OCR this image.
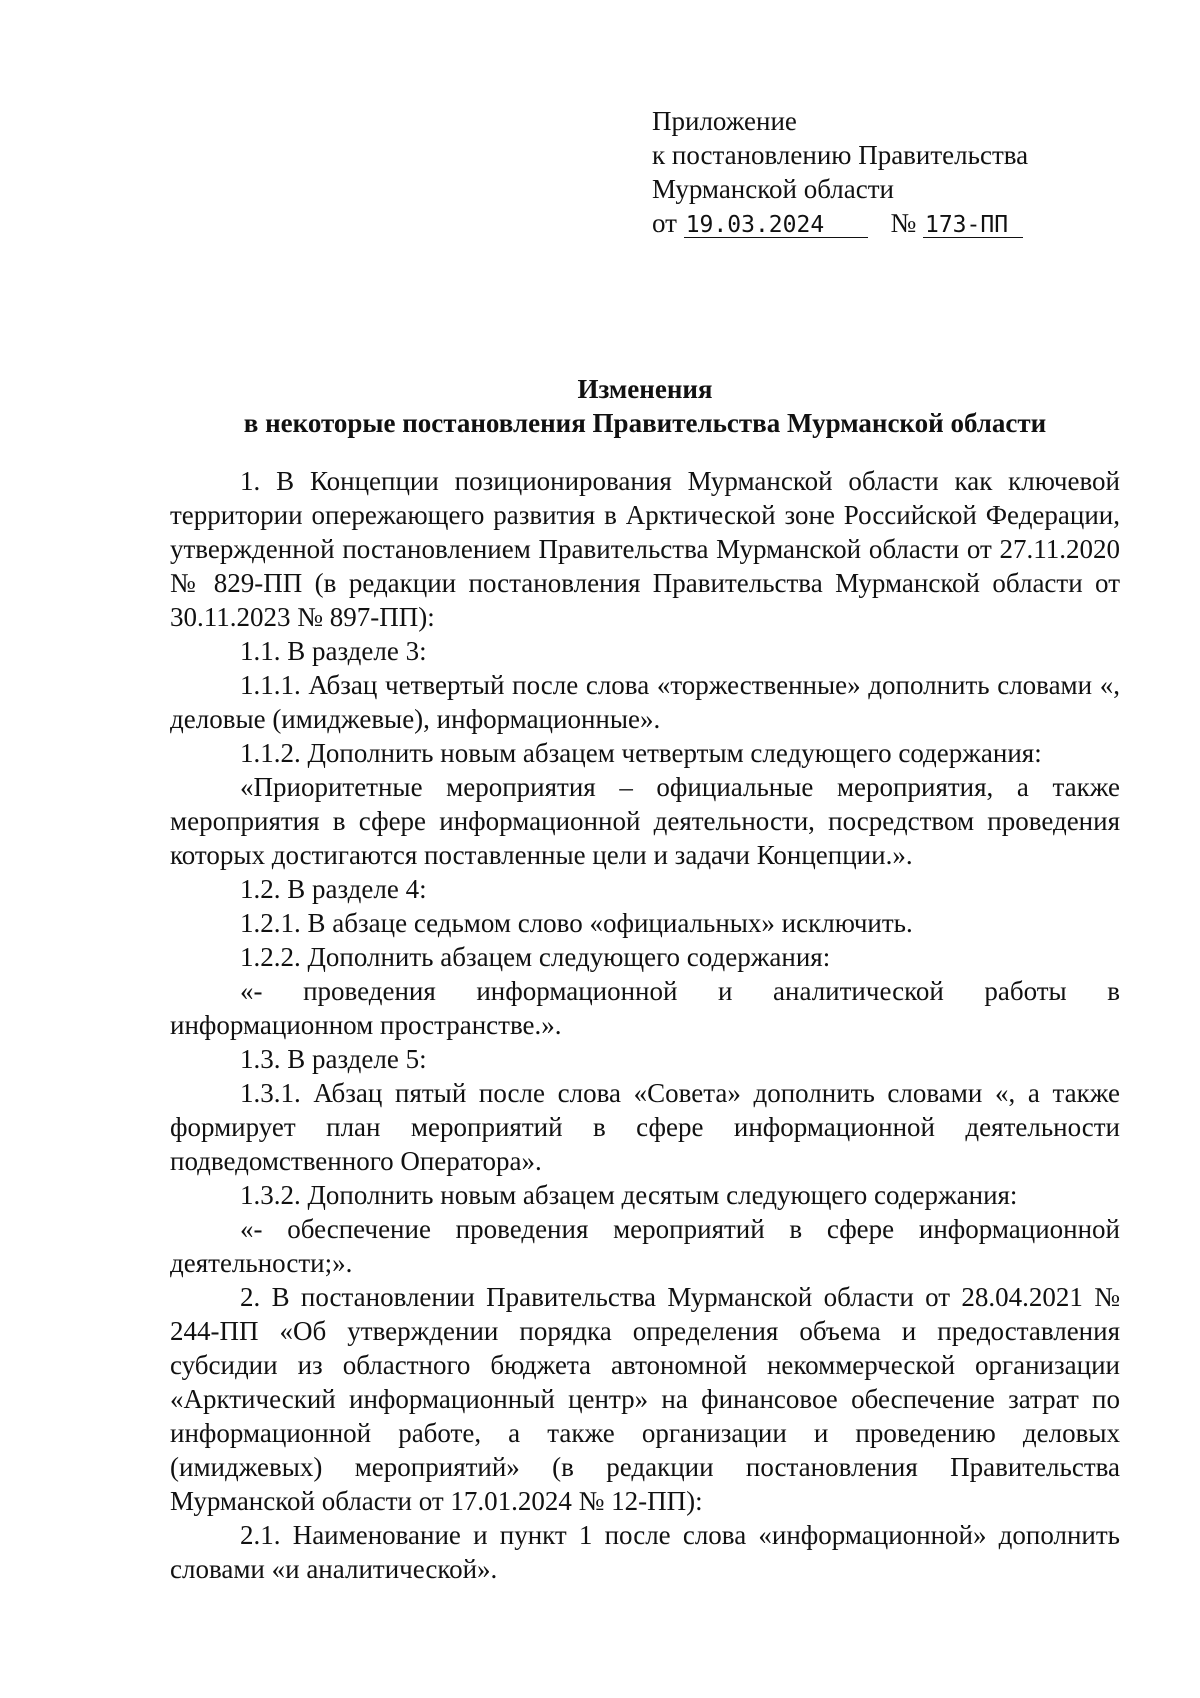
Приложение
к постановлению Правительства
Мурманской области
от 19.03.2024 № 173-ПП
Изменения
в некоторые постановления Правительства Мурманской области

1. В Концепции позиционирования Мурманской области как ключевой территории опережающего развития в Арктической зоне Российской Федерации, утвержденной постановлением Правительства Мурманской области от 27.11.2020 № 829-ПП (в редакции постановления Правительства Мурманской области от 30.11.2023 № 897-ПП):

1.1. В разделе 3:

1.1.1. Абзац четвертый после слова «торжественные» дополнить словами «, деловые (имиджевые), информационные».

1.1.2. Дополнить новым абзацем четвертым следующего содержания:

«Приоритетные мероприятия – официальные мероприятия, а также мероприятия в сфере информационной деятельности, посредством проведения которых достигаются поставленные цели и задачи Концепции.».

1.2. В разделе 4:

1.2.1. В абзаце седьмом слово «официальных» исключить.

1.2.2. Дополнить абзацем следующего содержания:

«- проведения информационной и аналитической работы в информационном пространстве.».

1.3. В разделе 5:

1.3.1. Абзац пятый после слова «Совета» дополнить словами «, а также формирует план мероприятий в сфере информационной деятельности подведомственного Оператора».

1.3.2. Дополнить новым абзацем десятым следующего содержания:

«- обеспечение проведения мероприятий в сфере информационной деятельности;».

2. В постановлении Правительства Мурманской области от 28.04.2021 № 244-ПП «Об утверждении порядка определения объема и предоставления субсидии из областного бюджета автономной некоммерческой организации «Арктический информационный центр» на финансовое обеспечение затрат по информационной работе, а также организации и проведению деловых (имиджевых) мероприятий» (в редакции постановления Правительства Мурманской области от 17.01.2024 № 12-ПП):

2.1. Наименование и пункт 1 после слова «информационной» дополнить словами «и аналитической».
